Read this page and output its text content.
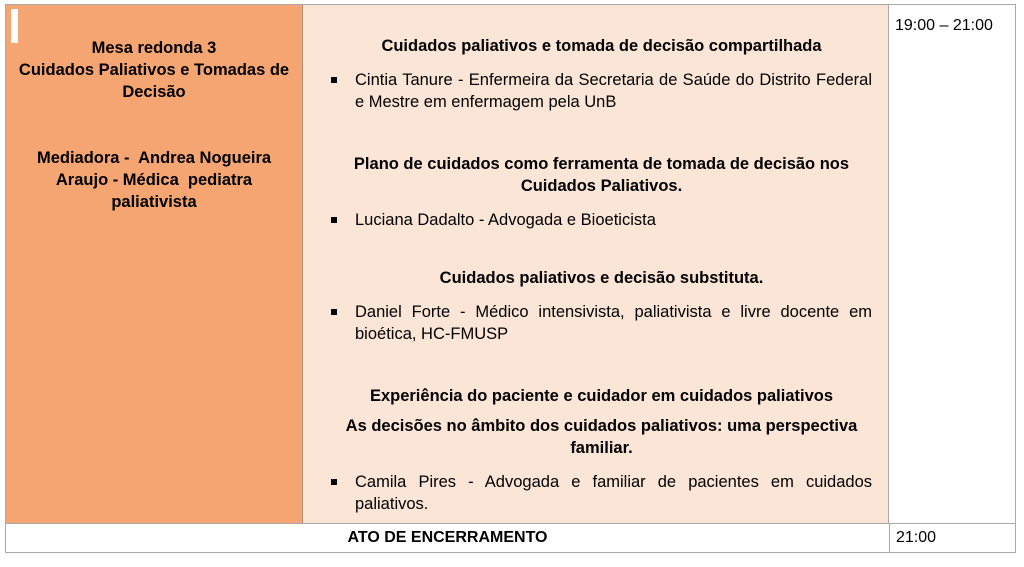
Mesa redonda 3
Cuidados Paliativos e Tomadas de Decisão
Mediadora -  Andrea Nogueira Araujo - Médica  pediatra paliativista
Cuidados paliativos e tomada de decisão compartilhada
Cintia Tanure - Enfermeira da Secretaria de Saúde do Distrito Federal e Mestre em enfermagem pela UnB
Plano de cuidados como ferramenta de tomada de decisão nos Cuidados Paliativos.
Luciana Dadalto - Advogada e Bioeticista
Cuidados paliativos e decisão substituta.
Daniel Forte - Médico intensivista, paliativista e livre docente em bioética, HC-FMUSP
Experiência do paciente e cuidador em cuidados paliativos
As decisões no âmbito dos cuidados paliativos: uma perspectiva familiar.
Camila Pires - Advogada e familiar de pacientes em cuidados paliativos.
19:00 – 21:00
ATO DE ENCERRAMENTO	21:00
